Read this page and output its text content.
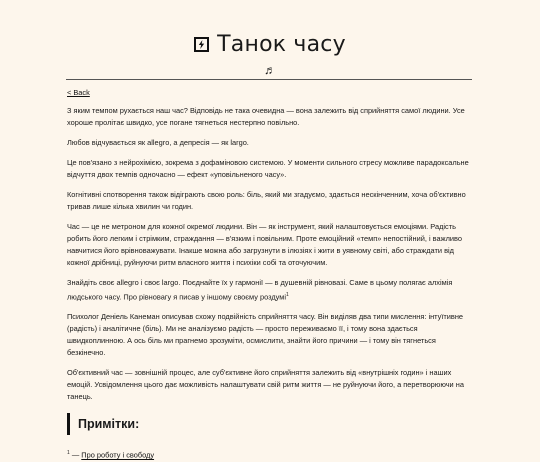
Танок часу
♬
< Back

З яким темпом рухається наш час? Відповідь не така очевидна — вона залежить від сприйняття самої людини. Усе хороше пролітає швидко, усе погане тягнеться нестерпно повільно.

Любов відчувається як allegro, а депресія — як largo.

Це пов'язано з нейрохімією, зокрема з дофаміновою системою. У моменти сильного стресу можливе парадоксальне відчуття двох темпів одночасно — ефект «уповільненого часу».

Когнітивні спотворення також відіграють свою роль: біль, який ми згадуємо, здається нескінченним, хоча об'єктивно тривав лише кілька хвилин чи годин.

Час — це не метроном для кожної окремої людини. Він — як інструмент, який налаштовується емоціями. Радість робить його легким і стрімким, страждання — в'язким і повільним. Проте емоційний «темп» непостійний, і важливо навчитися його врівноважувати. Інакше можна або загрузнути в ілюзіях і жити в уявному світі, або страждати від кожної дрібниці, руйнуючи ритм власного життя і психіки собі та оточуючим.

Знайдіть своє allegro і своє largo. Поєднайте їх у гармонії — в душевній рівновазі. Саме в цьому полягає алхімія людського часу. Про рівновагу я писав у іншому своєму роздумі$^1$

Психолог Деніель Канеман описував схожу подвійність сприйняття часу. Він виділяв два типи мислення: інтуїтивне (радість) і аналітичне (біль). Ми не аналізуємо радість — просто переживаємо її, і тому вона здається швидкоплинною. А ось біль ми прагнемо зрозуміти, осмислити, знайти його причини — і тому він тягнеться безкінечно.

Об'єктивний час — зовнішній процес, але суб'єктивне його сприйняття залежить від «внутрішніх годин» і наших емоцій. Усвідомлення цього дає можливість налаштувати свій ритм життя — не руйнуючи його, а перетворюючи на танець.

Примітки:
$^1$ — Про роботу і свободу
